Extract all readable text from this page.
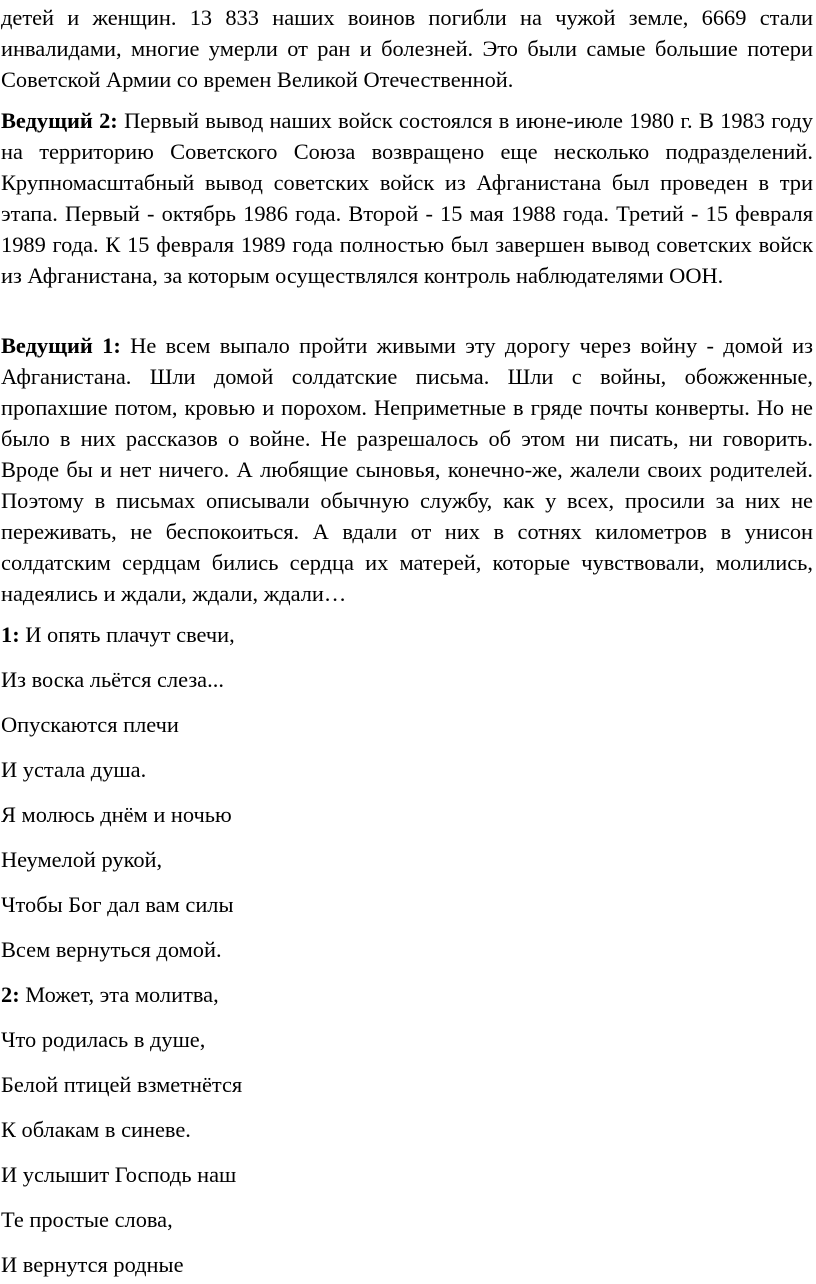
детей и женщин. 13 833 наших воинов погибли на чужой земле, 6669 стали инвалидами, многие умерли от ран и болезней. Это были самые большие потери Советской Армии со времен Великой Отечественной.

Ведущий 2: Первый вывод наших войск состоялся в июне-июле 1980 г. В 1983 году на территорию Советского Союза возвращено еще несколько подразделений. Крупномасштабный вывод советских войск из Афганистана был проведен в три этапа. Первый - октябрь 1986 года. Второй - 15 мая 1988 года. Третий - 15 февраля 1989 года. К 15 февраля 1989 года полностью был завершен вывод советских войск из Афганистана, за которым осуществлялся контроль наблюдателями ООН.

Ведущий 1: Не всем выпало пройти живыми эту дорогу через войну - домой из Афганистана. Шли домой солдатские письма. Шли с войны, обожженные, пропахшие потом, кровью и порохом. Неприметные в гряде почты конверты. Но не было в них рассказов о войне. Не разрешалось об этом ни писать, ни говорить. Вроде бы и нет ничего. А любящие сыновья, конечно-же, жалели своих родителей. Поэтому в письмах описывали обычную службу, как у всех, просили за них не переживать, не беспокоиться. А вдали от них в сотнях километров в унисон солдатским сердцам бились сердца их матерей, которые чувствовали, молились, надеялись и ждали, ждали, ждали…

1: И опять плачут свечи,

Из воска льётся слеза...

Опускаются плечи

И устала душа.

Я молюсь днём и ночью

Неумелой рукой,

Чтобы Бог дал вам силы

Всем вернуться домой.

2: Может, эта молитва,

Что родилась в душе,

Белой птицей взметнётся

К облакам в синеве.

И услышит Господь наш

Те простые слова,

И вернутся родные
